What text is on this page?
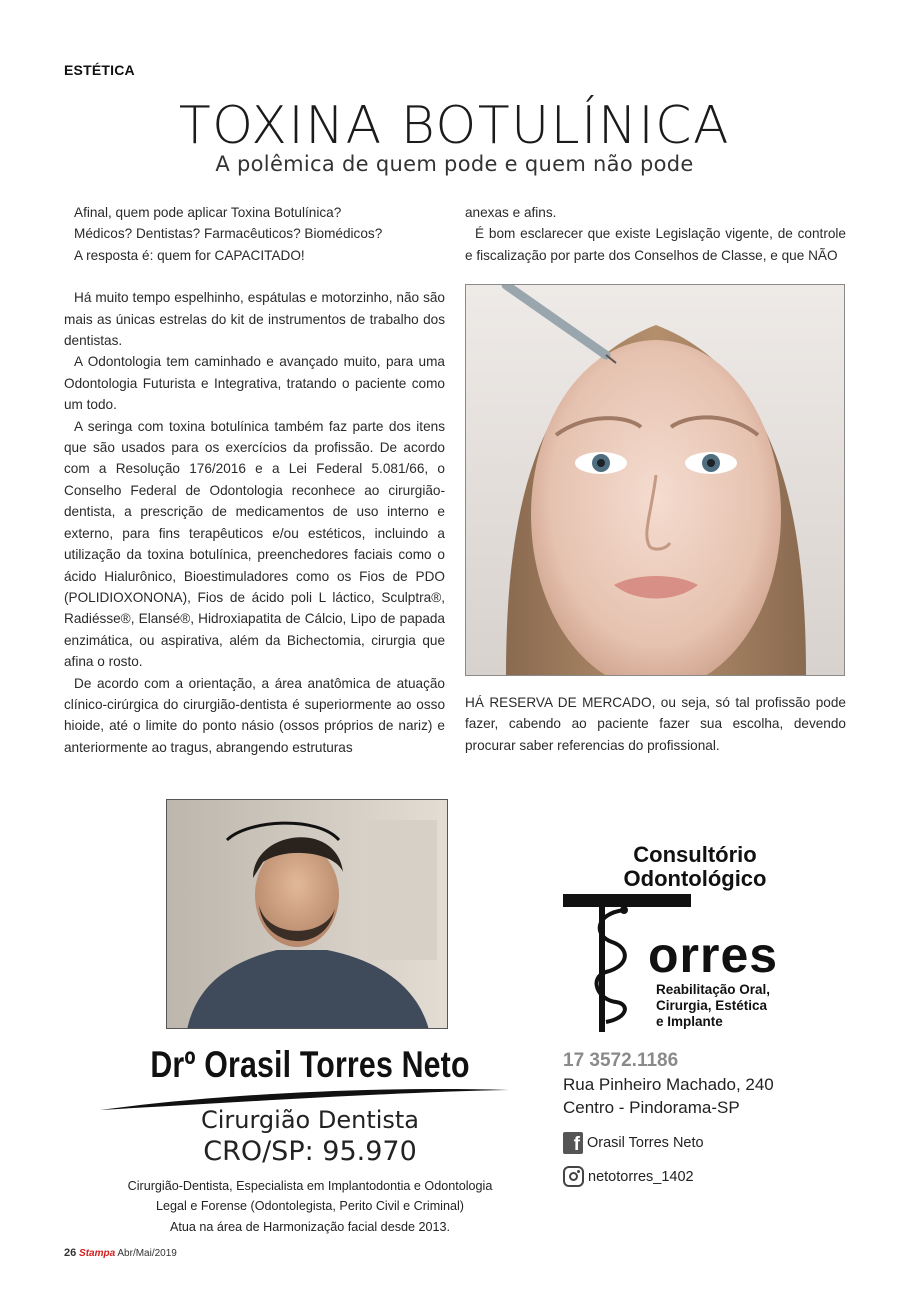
ESTÉTICA
TOXINA BOTULÍNICA
A polêmica de quem pode e quem não pode

Afinal, quem pode aplicar Toxina Botulínica?

Médicos? Dentistas? Farmacêuticos? Biomédicos?

A resposta é: quem for CAPACITADO!

Há muito tempo espelhinho, espátulas e motorzinho, não são mais as únicas estrelas do kit de instrumentos de trabalho dos dentistas.

A Odontologia tem caminhado e avançado muito, para uma Odontologia Futurista e Integrativa, tratando o paciente como um todo.

A seringa com toxina botulínica também faz parte dos itens que são usados para os exercícios da profissão. De acordo com a Resolução 176/2016 e a Lei Federal 5.081/66, o Conselho Federal de Odontologia reconhece ao cirurgião-dentista, a prescrição de medicamentos de uso interno e externo, para fins terapêuticos e/ou estéticos, incluindo a utilização da toxina botulínica, preenchedores faciais como o ácido Hialurônico, Bioestimuladores como os Fios de PDO (POLIDIOXONONA), Fios de ácido poli L láctico, Sculptra®, Radiésse®, Elansé®, Hidroxiapatita de Cálcio, Lipo de papada enzimática, ou aspirativa, além da Bichectomia, cirurgia que afina o rosto.

De acordo com a orientação, a área anatômica de atuação clínico-cirúrgica do cirurgião-dentista é superiormente ao osso hioide, até o limite do ponto násio (ossos próprios de nariz) e anteriormente ao tragus, abrangendo estruturas

anexas e afins.

É bom esclarecer que existe Legislação vigente, de controle e fiscalização por parte dos Conselhos de Classe, e que NÃO

HÁ RESERVA DE MERCADO, ou seja, só tal profissão pode fazer, cabendo ao paciente fazer sua escolha, devendo procurar saber referencias do profissional.

Drº Orasil Torres Neto
Cirurgião Dentista
CRO/SP: 95.970
Cirurgião-Dentista, Especialista em Implantodontia e Odontologia
Legal e Forense (Odontolegista, Perito Civil e Criminal)
Atua na área de Harmonização facial desde 2013.
Consultório
Odontológico
orres
Reabilitação Oral,
Cirurgia, Estética
e Implante
17 3572.1186
Rua Pinheiro Machado, 240
Centro - Pindorama-SP
f Orasil Torres Neto
netotorres_1402
26 Stampa Abr/Mai/2019
